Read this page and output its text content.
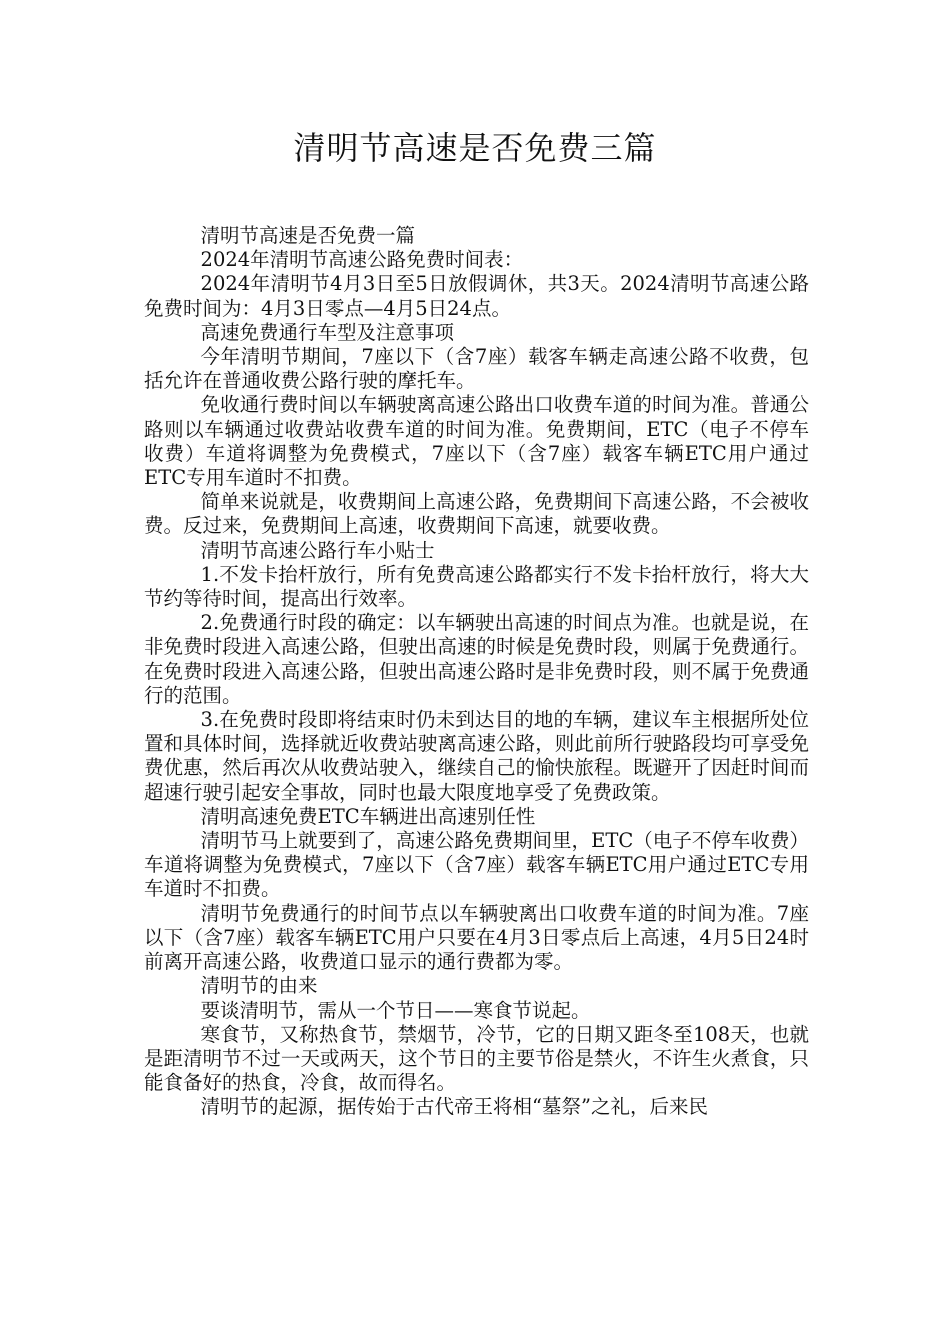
清明节高速是否免费三篇

清明节高速是否免费一篇

2024年清明节高速公路免费时间表：

2024年清明节4月3日至5日放假调休，共3天。2024清明节高速公路免费时间为：4月3日零点—4月5日24点。

高速免费通行车型及注意事项

今年清明节期间，7座以下（含7座）载客车辆走高速公路不收费，包括允许在普通收费公路行驶的摩托车。

免收通行费时间以车辆驶离高速公路出口收费车道的时间为准。普通公路则以车辆通过收费站收费车道的时间为准。免费期间，ETC（电子不停车收费）车道将调整为免费模式，7座以下（含7座）载客车辆ETC用户通过ETC专用车道时不扣费。

简单来说就是，收费期间上高速公路，免费期间下高速公路，不会被收费。反过来，免费期间上高速，收费期间下高速，就要收费。

清明节高速公路行车小贴士

1.不发卡抬杆放行，所有免费高速公路都实行不发卡抬杆放行，将大大节约等待时间，提高出行效率。

2.免费通行时段的确定：以车辆驶出高速的时间点为准。也就是说，在非免费时段进入高速公路，但驶出高速的时候是免费时段，则属于免费通行。在免费时段进入高速公路，但驶出高速公路时是非免费时段，则不属于免费通行的范围。

3.在免费时段即将结束时仍未到达目的地的车辆，建议车主根据所处位置和具体时间，选择就近收费站驶离高速公路，则此前所行驶路段均可享受免费优惠，然后再次从收费站驶入，继续自己的愉快旅程。既避开了因赶时间而超速行驶引起安全事故，同时也最大限度地享受了免费政策。

清明高速免费ETC车辆进出高速别任性

清明节马上就要到了，高速公路免费期间里，ETC（电子不停车收费）车道将调整为免费模式，7座以下（含7座）载客车辆ETC用户通过ETC专用车道时不扣费。

清明节免费通行的时间节点以车辆驶离出口收费车道的时间为准。7座以下（含7座）载客车辆ETC用户只要在4月3日零点后上高速，4月5日24时前离开高速公路，收费道口显示的通行费都为零。

清明节的由来

要谈清明节，需从一个节日——寒食节说起。

寒食节，又称热食节，禁烟节，冷节，它的日期又距冬至108天，也就是距清明节不过一天或两天，这个节日的主要节俗是禁火，不许生火煮食，只能食备好的热食，冷食，故而得名。

清明节的起源，据传始于古代帝王将相“墓祭”之礼，后来民
